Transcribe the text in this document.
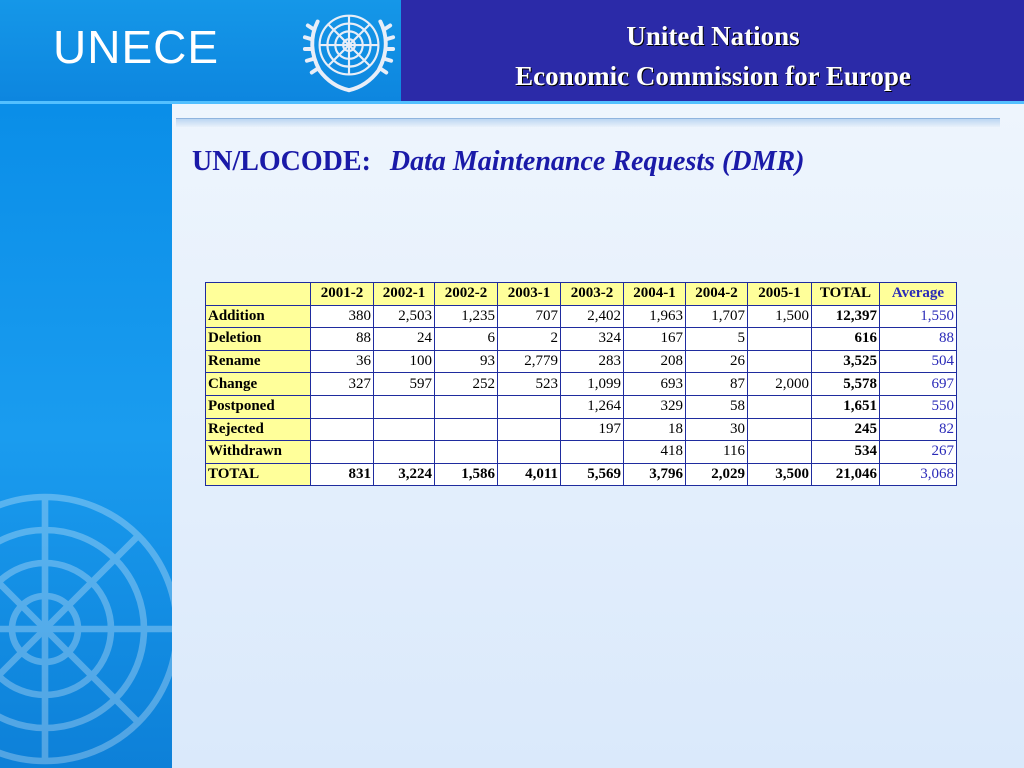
UNECE	United Nations
Economic Commission for Europe
UN/LOCODE: Data Maintenance Requests (DMR)
	2001-2	2002-1	2002-2	2003-1	2003-2	2004-1	2004-2	2005-1	TOTAL	Average
Addition	380	2,503	1,235	707	2,402	1,963	1,707	1,500	12,397	1,550
Deletion	88	24	6	2	324	167	5		616	88
Rename	36	100	93	2,779	283	208	26		3,525	504
Change	327	597	252	523	1,099	693	87	2,000	5,578	697
Postponed					1,264	329	58		1,651	550
Rejected					197	18	30		245	82
Withdrawn						418	116		534	267
TOTAL	831	3,224	1,586	4,011	5,569	3,796	2,029	3,500	21,046	3,068
